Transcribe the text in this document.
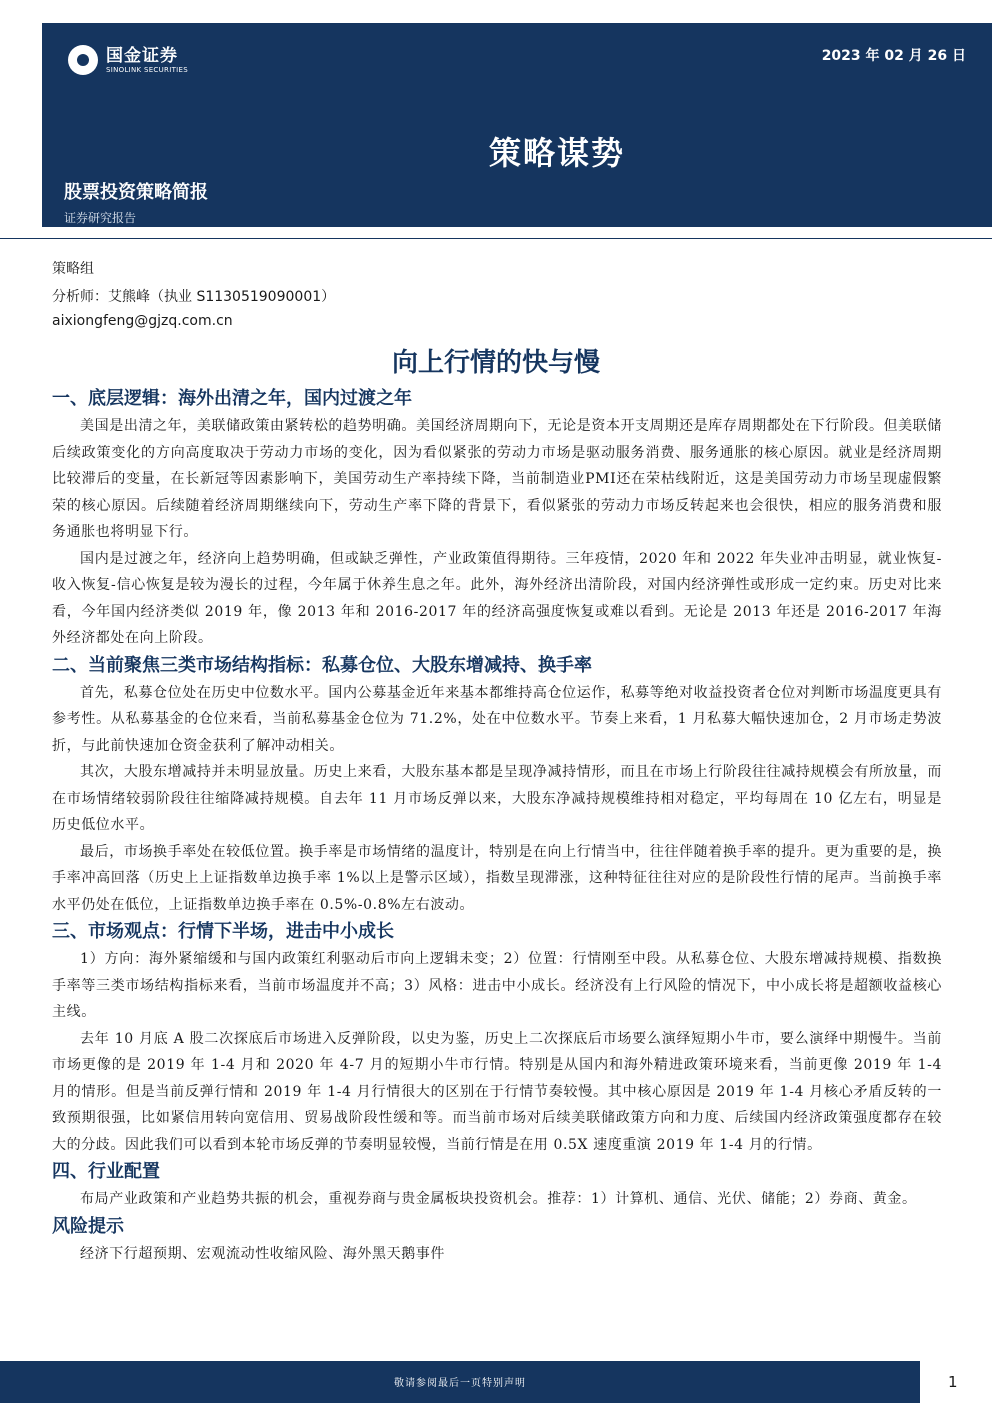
国金证券
SINOLINK SECURITIES
2023 年 02 月 26 日
策略谋势
股票投资策略简报
证券研究报告
策略组
分析师：艾熊峰（执业 S1130519090001）
aixiongfeng@gjzq.com.cn
向上行情的快与慢
一、底层逻辑：海外出清之年，国内过渡之年

美国是出清之年，美联储政策由紧转松的趋势明确。美国经济周期向下，无论是资本开支周期还是库存周期都处在下行阶段。但美联储后续政策变化的方向高度取决于劳动力市场的变化，因为看似紧张的劳动力市场是驱动服务消费、服务通胀的核心原因。就业是经济周期比较滞后的变量，在长新冠等因素影响下，美国劳动生产率持续下降，当前制造业PMI还在荣枯线附近，这是美国劳动力市场呈现虚假繁荣的核心原因。后续随着经济周期继续向下，劳动生产率下降的背景下，看似紧张的劳动力市场反转起来也会很快，相应的服务消费和服务通胀也将明显下行。

国内是过渡之年，经济向上趋势明确，但或缺乏弹性，产业政策值得期待。三年疫情，2020 年和 2022 年失业冲击明显，就业恢复-收入恢复-信心恢复是较为漫长的过程，今年属于休养生息之年。此外，海外经济出清阶段，对国内经济弹性或形成一定约束。历史对比来看，今年国内经济类似 2019 年，像 2013 年和 2016-2017 年的经济高强度恢复或难以看到。无论是 2013 年还是 2016-2017 年海外经济都处在向上阶段。

二、当前聚焦三类市场结构指标：私募仓位、大股东增减持、换手率

首先，私募仓位处在历史中位数水平。国内公募基金近年来基本都维持高仓位运作，私募等绝对收益投资者仓位对判断市场温度更具有参考性。从私募基金的仓位来看，当前私募基金仓位为 71.2%，处在中位数水平。节奏上来看，1 月私募大幅快速加仓，2 月市场走势波折，与此前快速加仓资金获利了解冲动相关。

其次，大股东增减持并未明显放量。历史上来看，大股东基本都是呈现净减持情形，而且在市场上行阶段往往减持规模会有所放量，而在市场情绪较弱阶段往往缩降减持规模。自去年 11 月市场反弹以来，大股东净减持规模维持相对稳定，平均每周在 10 亿左右，明显是历史低位水平。

最后，市场换手率处在较低位置。换手率是市场情绪的温度计，特别是在向上行情当中，往往伴随着换手率的提升。更为重要的是，换手率冲高回落（历史上上证指数单边换手率 1%以上是警示区域），指数呈现滞涨，这种特征往往对应的是阶段性行情的尾声。当前换手率水平仍处在低位，上证指数单边换手率在 0.5%-0.8%左右波动。

三、市场观点：行情下半场，进击中小成长

1）方向：海外紧缩缓和与国内政策红利驱动后市向上逻辑未变；2）位置：行情刚至中段。从私募仓位、大股东增减持规模、指数换手率等三类市场结构指标来看，当前市场温度并不高；3）风格：进击中小成长。经济没有上行风险的情况下，中小成长将是超额收益核心主线。

去年 10 月底 A 股二次探底后市场进入反弹阶段，以史为鉴，历史上二次探底后市场要么演绎短期小牛市，要么演绎中期慢牛。当前市场更像的是 2019 年 1-4 月和 2020 年 4-7 月的短期小牛市行情。特别是从国内和海外精进政策环境来看，当前更像 2019 年 1-4 月的情形。但是当前反弹行情和 2019 年 1-4 月行情很大的区别在于行情节奏较慢。其中核心原因是 2019 年 1-4 月核心矛盾反转的一致预期很强，比如紧信用转向宽信用、贸易战阶段性缓和等。而当前市场对后续美联储政策方向和力度、后续国内经济政策强度都存在较大的分歧。因此我们可以看到本轮市场反弹的节奏明显较慢，当前行情是在用 0.5X 速度重演 2019 年 1-4 月的行情。

四、行业配置

布局产业政策和产业趋势共振的机会，重视券商与贵金属板块投资机会。推荐：1）计算机、通信、光伏、储能；2）券商、黄金。

风险提示

经济下行超预期、宏观流动性收缩风险、海外黑天鹅事件

敬请参阅最后一页特别声明	1
